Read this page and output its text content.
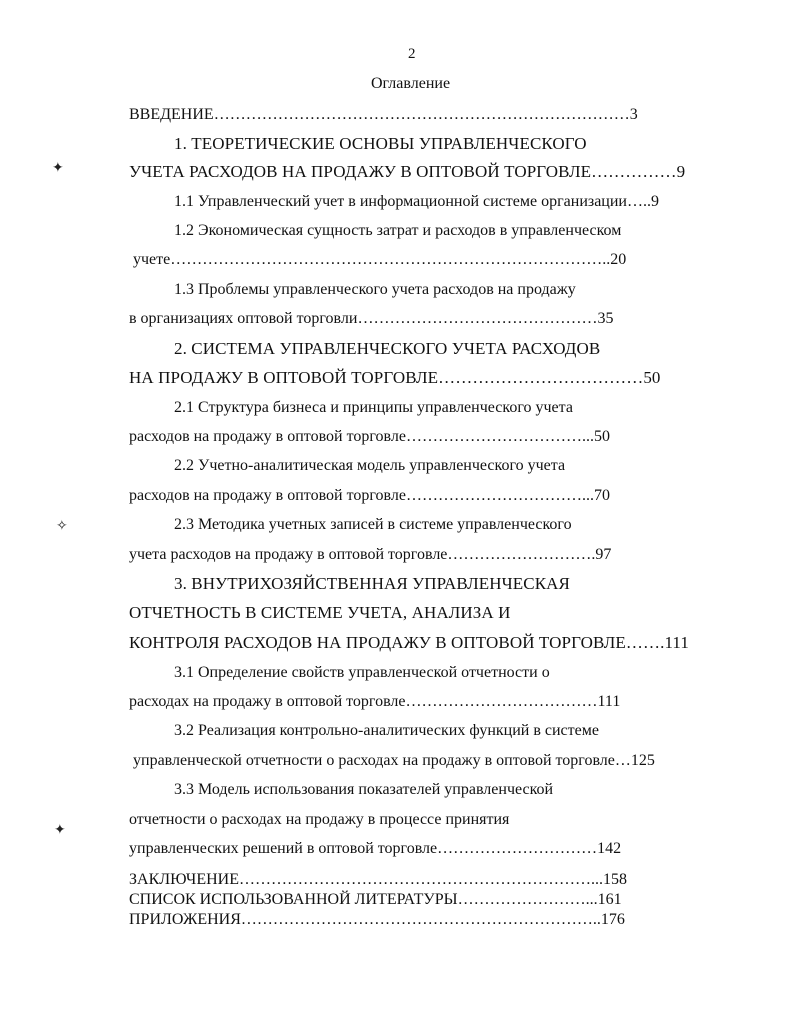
2
Оглавление
ВВЕДЕНИЕ……………………………………………………………………3
1. ТЕОРЕТИЧЕСКИЕ ОСНОВЫ УПРАВЛЕНЧЕСКОГО
УЧЕТА РАСХОДОВ НА ПРОДАЖУ В ОПТОВОЙ ТОРГОВЛЕ……………9
1.1 Управленческий учет в информационной системе организации…..9
1.2 Экономическая сущность затрат и расходов в управленческом
учете………………………………………………………………………..20
1.3 Проблемы управленческого учета расходов на продажу
в организациях оптовой торговли………………………………………35
2. СИСТЕМА УПРАВЛЕНЧЕСКОГО УЧЕТА РАСХОДОВ
НА ПРОДАЖУ В ОПТОВОЙ ТОРГОВЛЕ………………………………50
2.1 Структура бизнеса и принципы управленческого учета
расходов на продажу в оптовой торговле……………………………...50
2.2 Учетно-аналитическая модель управленческого учета
расходов на продажу в оптовой торговле……………………………...70
2.3 Методика учетных записей в системе управленческого
учета расходов на продажу в оптовой торговле……………………….97
3. ВНУТРИХОЗЯЙСТВЕННАЯ УПРАВЛЕНЧЕСКАЯ
ОТЧЕТНОСТЬ В СИСТЕМЕ УЧЕТА, АНАЛИЗА И
КОНТРОЛЯ РАСХОДОВ НА ПРОДАЖУ В ОПТОВОЙ ТОРГОВЛЕ…….111
3.1 Определение свойств управленческой отчетности о
расходах на продажу в оптовой торговле………………………………111
3.2 Реализация контрольно-аналитических функций в системе
управленческой отчетности о расходах на продажу в оптовой торговле…125
3.3 Модель использования показателей управленческой
отчетности о расходах на продажу в процессе принятия
управленческих решений в оптовой торговле…………………………142
ЗАКЛЮЧЕНИЕ…………………………………………………………...158
СПИСОК ИСПОЛЬЗОВАННОЙ ЛИТЕРАТУРЫ……………………...161
ПРИЛОЖЕНИЯ…………………………………………………………..176
✦
✧
✦
